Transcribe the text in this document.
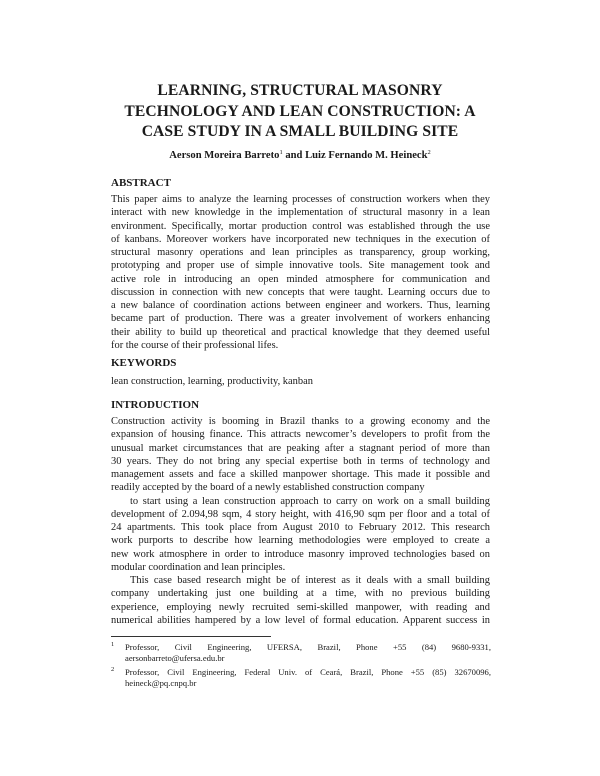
LEARNING, STRUCTURAL MASONRY
TECHNOLOGY AND LEAN CONSTRUCTION: A
CASE STUDY IN A SMALL BUILDING SITE
Aerson Moreira Barreto$^1$ and Luiz Fernando M. Heineck$^2$
ABSTRACT
This paper aims to analyze the learning processes of construction workers when they
interact with new knowledge in the implementation of structural masonry in a lean
environment. Specifically, mortar production control was established through the use
of kanbans. Moreover workers have incorporated new techniques in the execution of
structural masonry operations and lean principles as transparency, group working,
prototyping and proper use of simple innovative tools. Site management took and
active role in introducing an open minded atmosphere for communication and
discussion in connection with new concepts that were taught. Learning occurs due to
a new balance of coordination actions between engineer and workers. Thus, learning
became part of production. There was a greater involvement of workers enhancing
their ability to build up theoretical and practical knowledge that they deemed useful
for the course of their professional lifes.
KEYWORDS

lean construction, learning, productivity, kanban

INTRODUCTION
Construction activity is booming in Brazil thanks to a growing economy and the
expansion of housing finance. This attracts newcomer’s developers to profit from the
unusual market circumstances that are peaking after a stagnant period of more than
30 years. They do not bring any special expertise both in terms of technology and
management assets and face a skilled manpower shortage. This made it possible and
readily accepted by the board of a newly established construction company
to start using a lean construction approach to carry on work on a small building
development of 2.094,98 sqm, 4 story height, with 416,90 sqm per floor and a total of
24 apartments. This took place from August 2010 to February 2012. This research
work purports to describe how learning methodologies were employed to create a
new work atmosphere in order to introduce masonry improved technologies based on
modular coordination and lean principles.
This case based research might be of interest as it deals with a small building
company undertaking just one building at a time, with no previous building
experience, employing newly recruited semi-skilled manpower, with reading and
numerical abilities hampered by a low level of formal education. Apparent success in
1 Professor, Civil Engineering, UFERSA, Brazil, Phone +55 (84) 9680-9331,
aersonbarreto@ufersa.edu.br
2 Professor, Civil Engineering, Federal Univ. of Ceará, Brazil, Phone +55 (85) 32670096,
heineck@pq.cnpq.br
